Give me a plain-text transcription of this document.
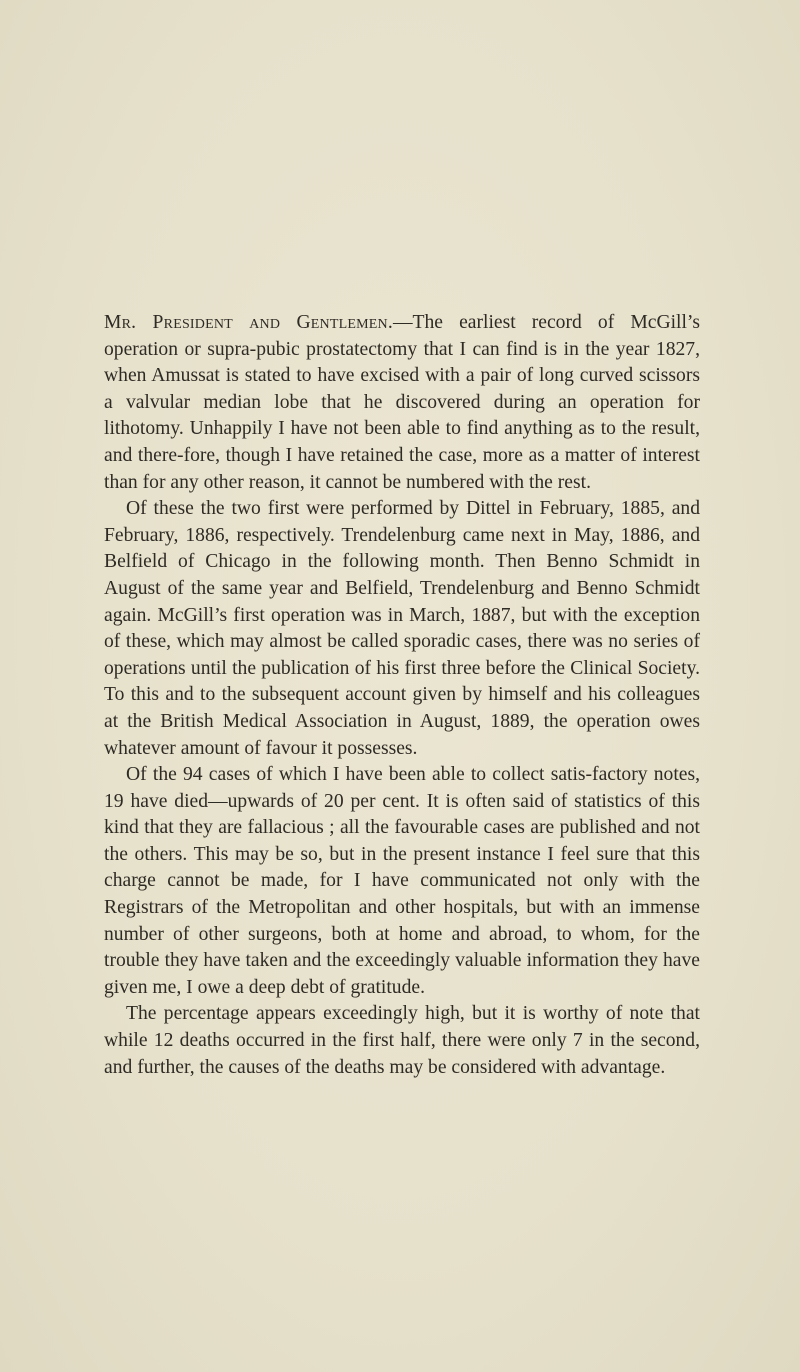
Mr. President and Gentlemen.—The earliest record of McGill’s operation or supra-pubic prostatectomy that I can find is in the year 1827, when Amussat is stated to have excised with a pair of long curved scissors a valvular median lobe that he discovered during an operation for lithotomy. Unhappily I have not been able to find anything as to the result, and there-fore, though I have retained the case, more as a matter of interest than for any other reason, it cannot be numbered with the rest.

Of these the two first were performed by Dittel in February, 1885, and February, 1886, respectively. Trendelenburg came next in May, 1886, and Belfield of Chicago in the following month. Then Benno Schmidt in August of the same year and Belfield, Trendelenburg and Benno Schmidt again. McGill’s first operation was in March, 1887, but with the exception of these, which may almost be called sporadic cases, there was no series of operations until the publication of his first three before the Clinical Society. To this and to the subsequent account given by himself and his colleagues at the British Medical Association in August, 1889, the operation owes whatever amount of favour it possesses.

Of the 94 cases of which I have been able to collect satis-factory notes, 19 have died—upwards of 20 per cent. It is often said of statistics of this kind that they are fallacious ; all the favourable cases are published and not the others. This may be so, but in the present instance I feel sure that this charge cannot be made, for I have communicated not only with the Registrars of the Metropolitan and other hospitals, but with an immense number of other surgeons, both at home and abroad, to whom, for the trouble they have taken and the exceedingly valuable information they have given me, I owe a deep debt of gratitude.

The percentage appears exceedingly high, but it is worthy of note that while 12 deaths occurred in the first half, there were only 7 in the second, and further, the causes of the deaths may be considered with advantage.
